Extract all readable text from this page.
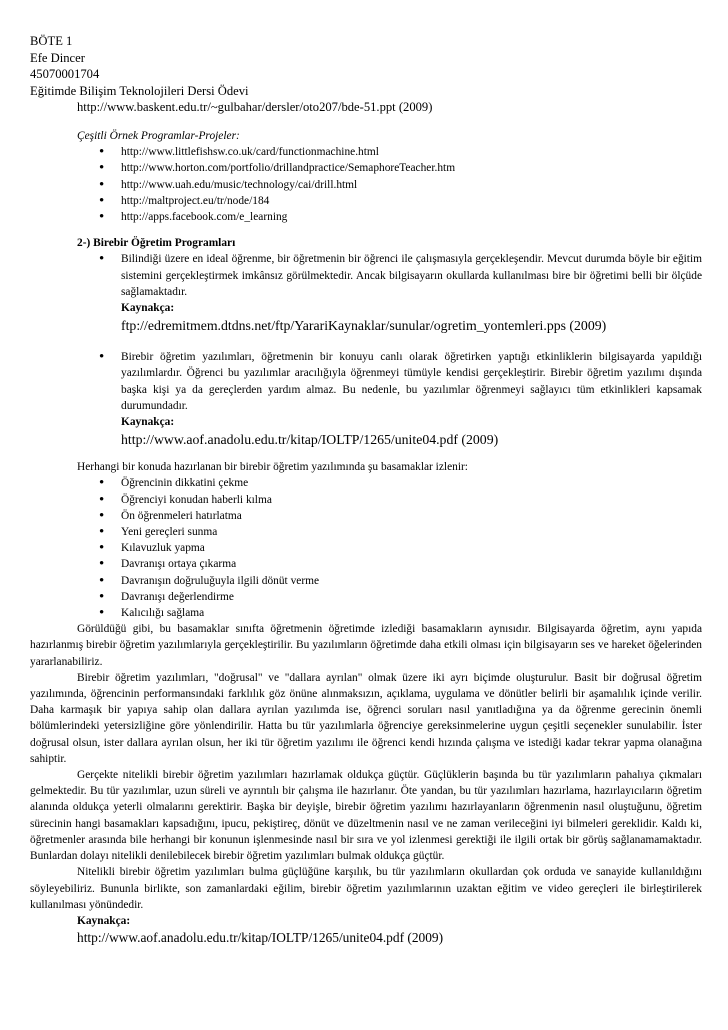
BÖTE 1
Efe Dincer
45070001704
Eğitimde Bilişim Teknolojileri Dersi Ödevi
http://www.baskent.edu.tr/~gulbahar/dersler/oto207/bde-51.ppt (2009)
Çeşitli Örnek Programlar-Projeler:
• http://www.littlefishsw.co.uk/card/functionmachine.html
• http://www.horton.com/portfolio/drillandpractice/SemaphoreTeacher.htm
• http://www.uah.edu/music/technology/cai/drill.html
• http://maltproject.eu/tr/node/184
• http://apps.facebook.com/e_learning
2-) Birebir Öğretim Programları
• Bilindiği üzere en ideal öğrenme, bir öğretmenin bir öğrenci ile çalışmasıyla gerçekleşendir. Mevcut durumda böyle bir eğitim sistemini gerçekleştirmek imkânsız görülmektedir. Ancak bilgisayarın okullarda kullanılması bire bir öğretimi belli bir ölçüde sağlamaktadır.
Kaynakça:
ftp://edremitmem.dtdns.net/ftp/YarariKaynaklar/sunular/ogretim_yontemleri.pps (2009)
• Birebir öğretim yazılımları, öğretmenin bir konuyu canlı olarak öğretirken yaptığı etkinliklerin bilgisayarda yapıldığı yazılımlardır. Öğrenci bu yazılımlar aracılığıyla öğrenmeyi tümüyle kendisi gerçekleştirir. Birebir öğretim yazılımı dışında başka kişi ya da gereçlerden yardım almaz. Bu nedenle, bu yazılımlar öğrenmeyi sağlayıcı tüm etkinlikleri kapsamak durumundadır.
Kaynakça:
http://www.aof.anadolu.edu.tr/kitap/IOLTP/1265/unite04.pdf (2009)
Herhangi bir konuda hazırlanan bir birebir öğretim yazılımında şu basamaklar izlenir:
• Öğrencinin dikkatini çekme
• Öğrenciyi konudan haberli kılma
• Ön öğrenmeleri hatırlatma
• Yeni gereçleri sunma
• Kılavuzluk yapma
• Davranışı ortaya çıkarma
• Davranışın doğruluğuyla ilgili dönüt verme
• Davranışı değerlendirme
• Kalıcılığı sağlama

Görüldüğü gibi, bu basamaklar sınıfta öğretmenin öğretimde izlediği basamakların aynısıdır. Bilgisayarda öğretim, aynı yapıda hazırlanmış birebir öğretim yazılımlarıyla gerçekleştirilir. Bu yazılımların öğretimde daha etkili olması için bilgisayarın ses ve hareket öğelerinden yararlanabiliriz.

Birebir öğretim yazılımları, "doğrusal" ve "dallara ayrılan" olmak üzere iki ayrı biçimde oluşturulur. Basit bir doğrusal öğretim yazılımında, öğrencinin performansındaki farklılık göz önüne alınmaksızın, açıklama, uygulama ve dönütler belirli bir aşamalılık içinde verilir. Daha karmaşık bir yapıya sahip olan dallara ayrılan yazılımda ise, öğrenci soruları nasıl yanıtladığına ya da öğrenme gerecinin önemli bölümlerindeki yetersizliğine göre yönlendirilir. Hatta bu tür yazılımlarla öğrenciye gereksinmelerine uygun çeşitli seçenekler sunulabilir. İster doğrusal olsun, ister dallara ayrılan olsun, her iki tür öğretim yazılımı ile öğrenci kendi hızında çalışma ve istediği kadar tekrar yapma olanağına sahiptir.

Gerçekte nitelikli birebir öğretim yazılımları hazırlamak oldukça güçtür. Güçlüklerin başında bu tür yazılımların pahalıya çıkmaları gelmektedir. Bu tür yazılımlar, uzun süreli ve ayrıntılı bir çalışma ile hazırlanır. Öte yandan, bu tür yazılımları hazırlama, hazırlayıcıların öğretim alanında oldukça yeterli olmalarını gerektirir. Başka bir deyişle, birebir öğretim yazılımı hazırlayanların öğrenmenin nasıl oluştuğunu, öğretim sürecinin hangi basamakları kapsadığını, ipucu, pekiştireç, dönüt ve düzeltmenin nasıl ve ne zaman verileceğini iyi bilmeleri gereklidir. Kaldı ki, öğretmenler arasında bile herhangi bir konunun işlenmesinde nasıl bir sıra ve yol izlenmesi gerektiği ile ilgili ortak bir görüş sağlanamamaktadır. Bunlardan dolayı nitelikli denilebilecek birebir öğretim yazılımları bulmak oldukça güçtür.

Nitelikli birebir öğretim yazılımları bulma güçlüğüne karşılık, bu tür yazılımların okullardan çok orduda ve sanayide kullanıldığını söyleyebiliriz. Bununla birlikte, son zamanlardaki eğilim, birebir öğretim yazılımlarının uzaktan eğitim ve video gereçleri ile birleştirilerek kullanılması yönündedir.

Kaynakça:
http://www.aof.anadolu.edu.tr/kitap/IOLTP/1265/unite04.pdf (2009)
